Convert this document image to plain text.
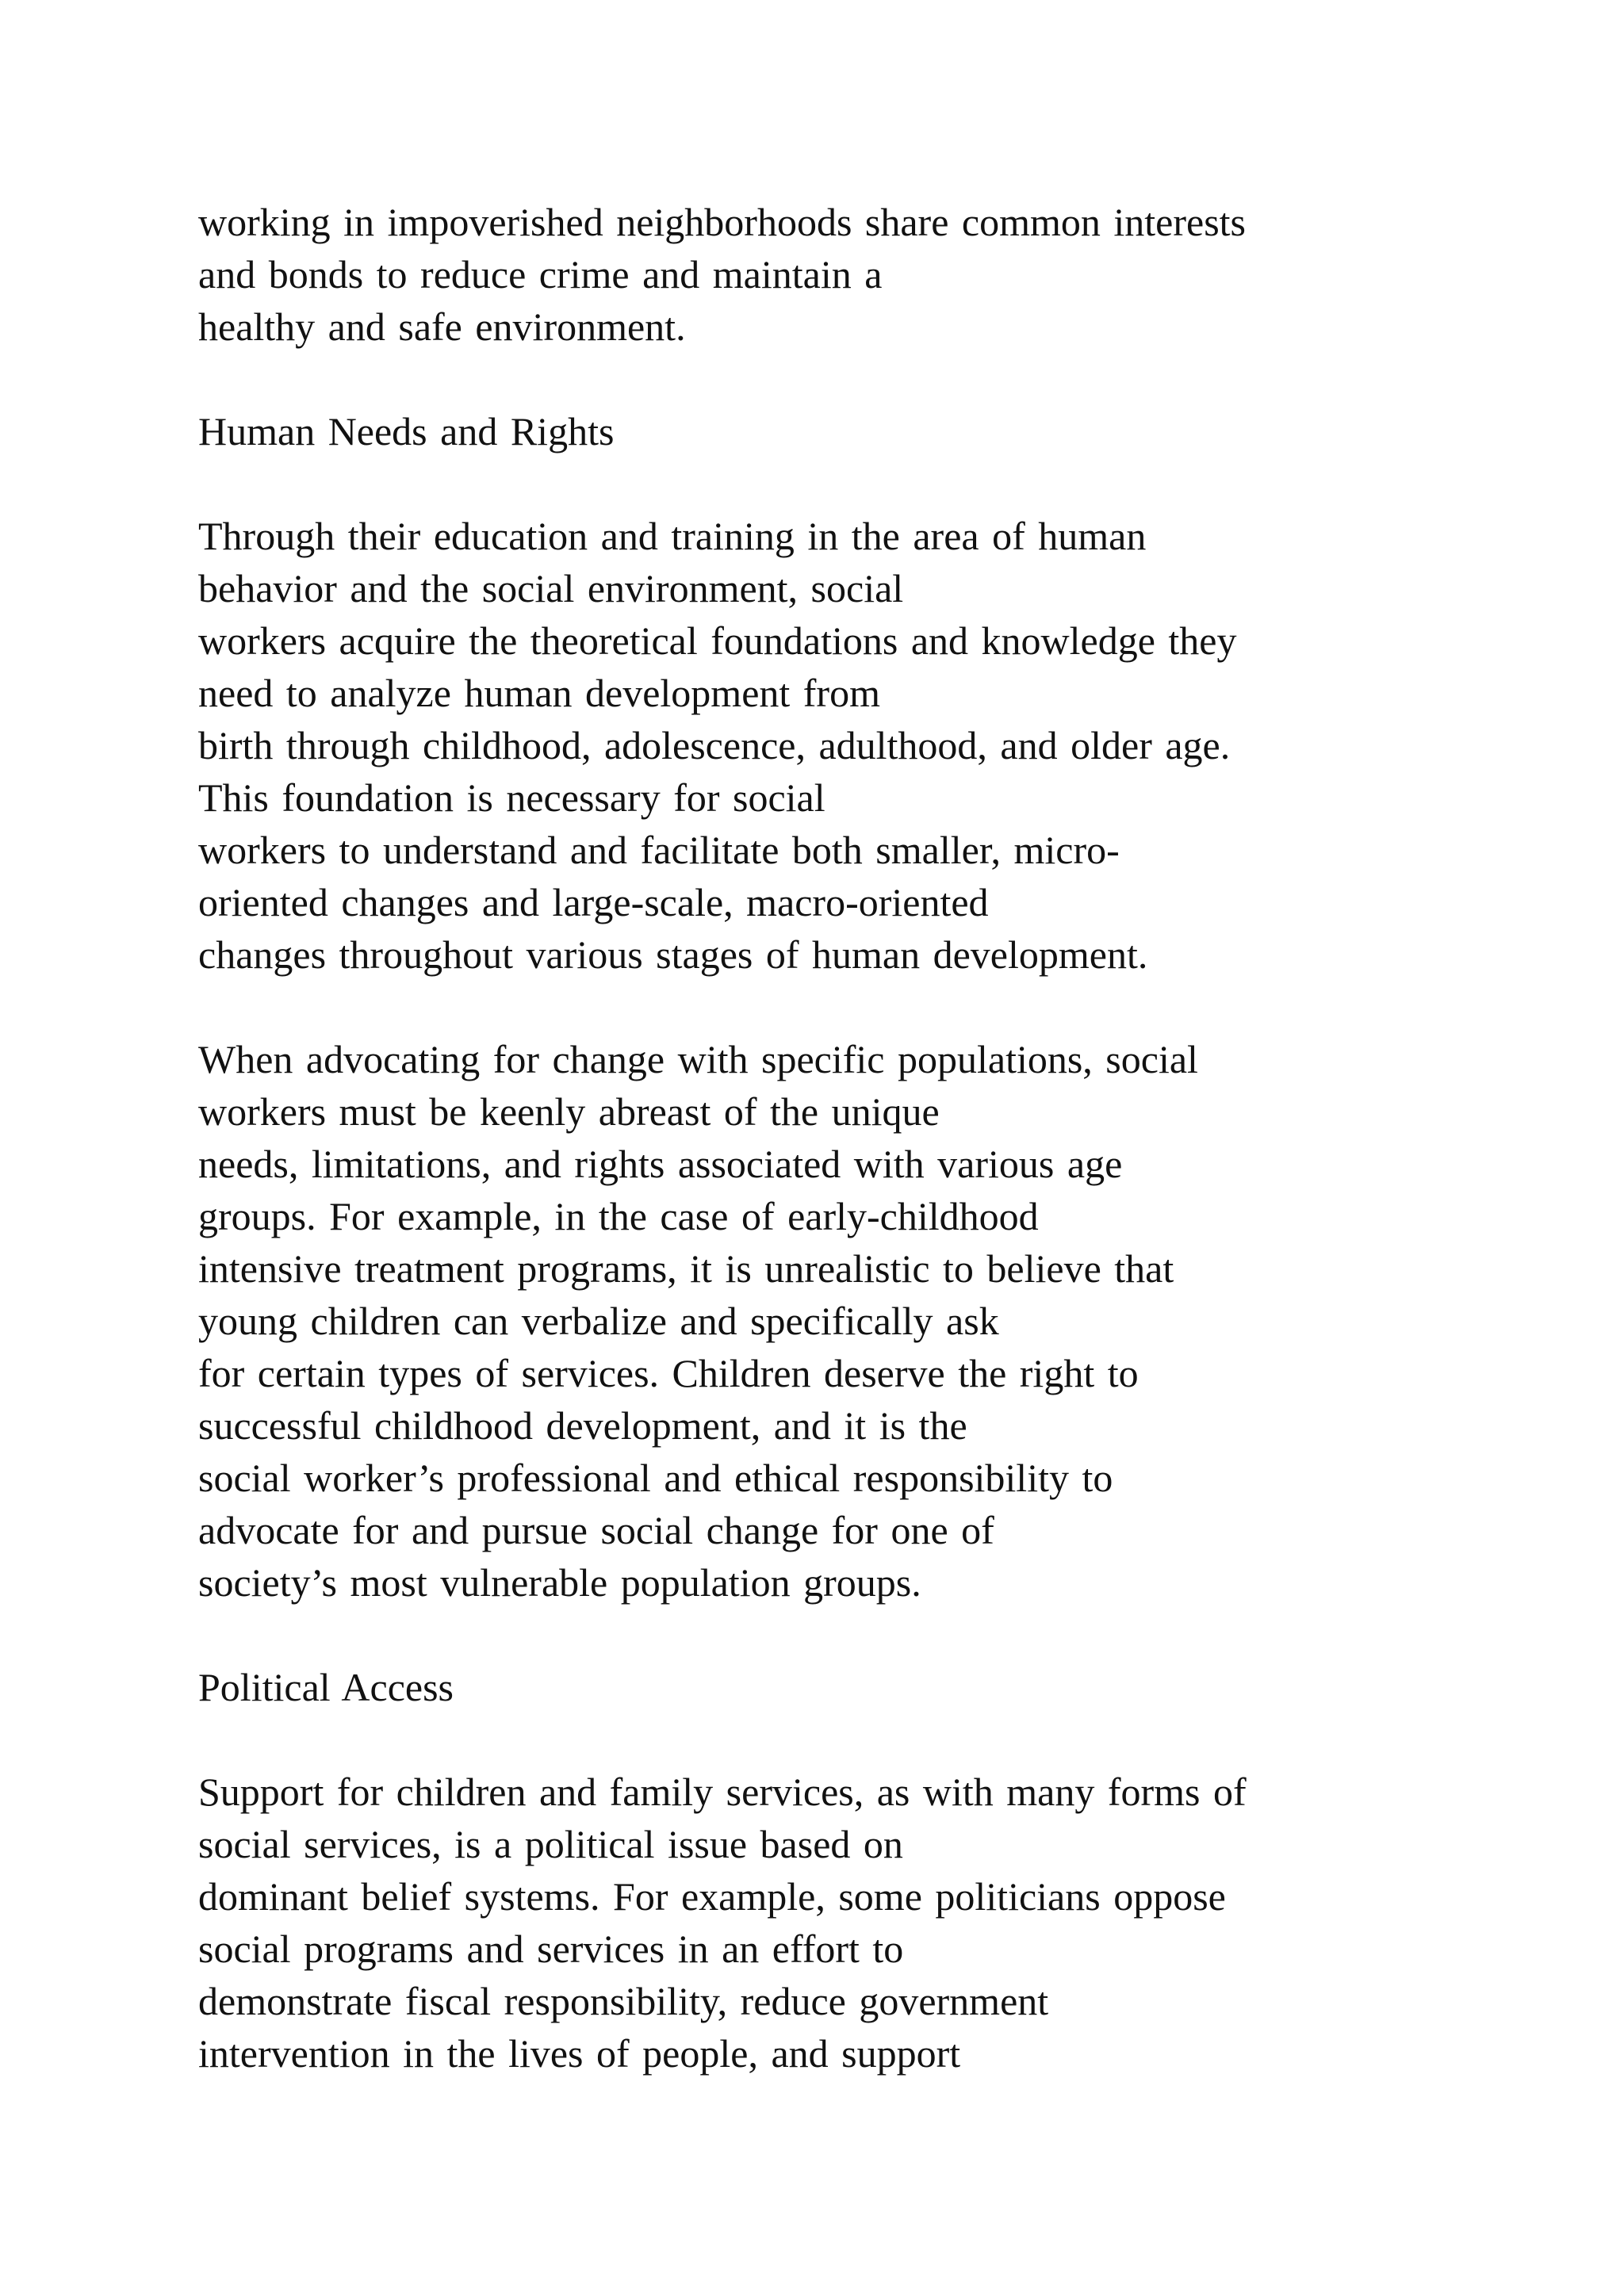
working in impoverished neighborhoods share common interests
and bonds to reduce crime and maintain a
healthy and safe environment.
Human Needs and Rights
Through their education and training in the area of human
behavior and the social environment, social
workers acquire the theoretical foundations and knowledge they
need to analyze human development from
birth through childhood, adolescence, adulthood, and older age.
This foundation is necessary for social
workers to understand and facilitate both smaller, micro-
oriented changes and large-scale, macro-oriented
changes throughout various stages of human development.
When advocating for change with specific populations, social
workers must be keenly abreast of the unique
needs, limitations, and rights associated with various age
groups. For example, in the case of early-childhood
intensive treatment programs, it is unrealistic to believe that
young children can verbalize and specifically ask
for certain types of services. Children deserve the right to
successful childhood development, and it is the
social worker’s professional and ethical responsibility to
advocate for and pursue social change for one of
society’s most vulnerable population groups.
Political Access
Support for children and family services, as with many forms of
social services, is a political issue based on
dominant belief systems. For example, some politicians oppose
social programs and services in an effort to
demonstrate fiscal responsibility, reduce government
intervention in the lives of people, and support
